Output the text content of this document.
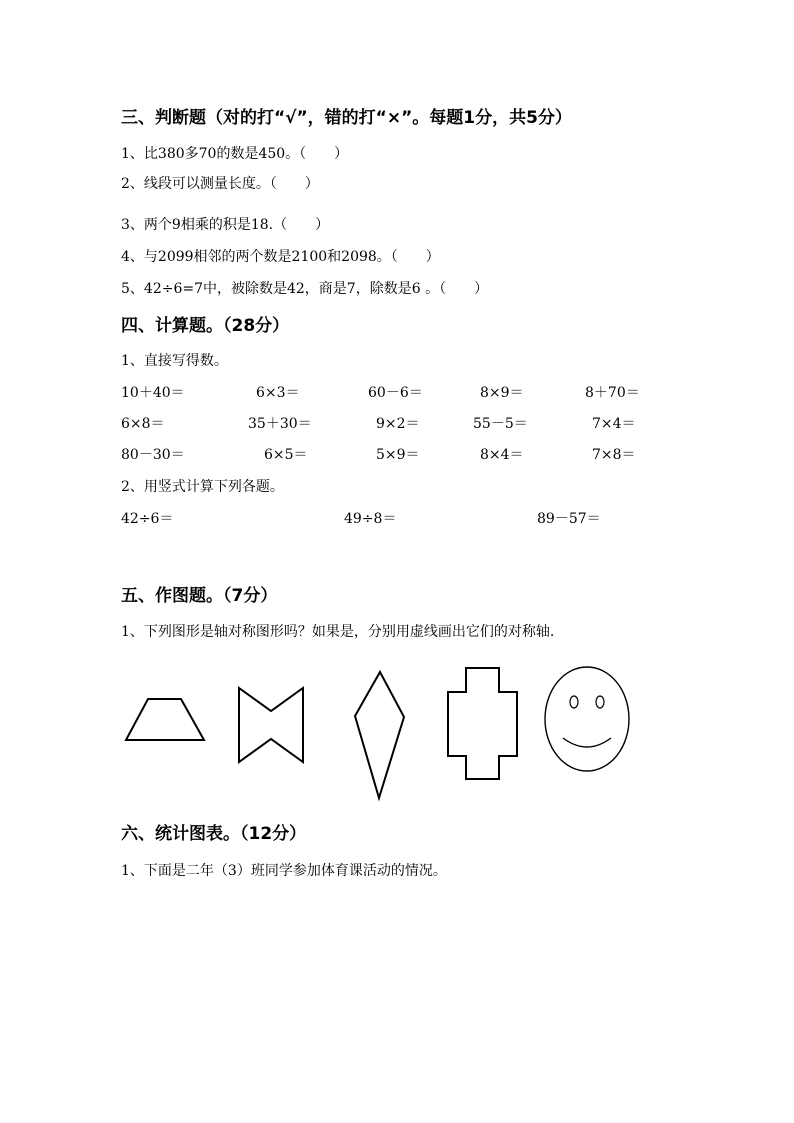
三、判断题（对的打“√”，错的打“×”。每题1分，共5分）
1、比380多70的数是450。（　　）
2、线段可以测量长度。（　　）
3、两个9相乘的积是18.（　　）
4、与2099相邻的两个数是2100和2098。（　　）
5、42÷6=7中，被除数是42，商是7，除数是6 。（　　）
四、计算题。（28分）
1、直接写得数。
10＋40＝	6×3＝	60－6＝	8×9＝	8＋70＝
6×8＝	35＋30＝	9×2＝	55－5＝	7×4＝
80－30＝	6×5＝	5×9＝	8×4＝	7×8＝
2、用竖式计算下列各题。
42÷6＝	49÷8＝	89－57＝
五、作图题。（7分）
1、下列图形是轴对称图形吗？如果是，分别用虚线画出它们的对称轴.
六、统计图表。（12分）
1、下面是二年（3）班同学参加体育课活动的情况。
